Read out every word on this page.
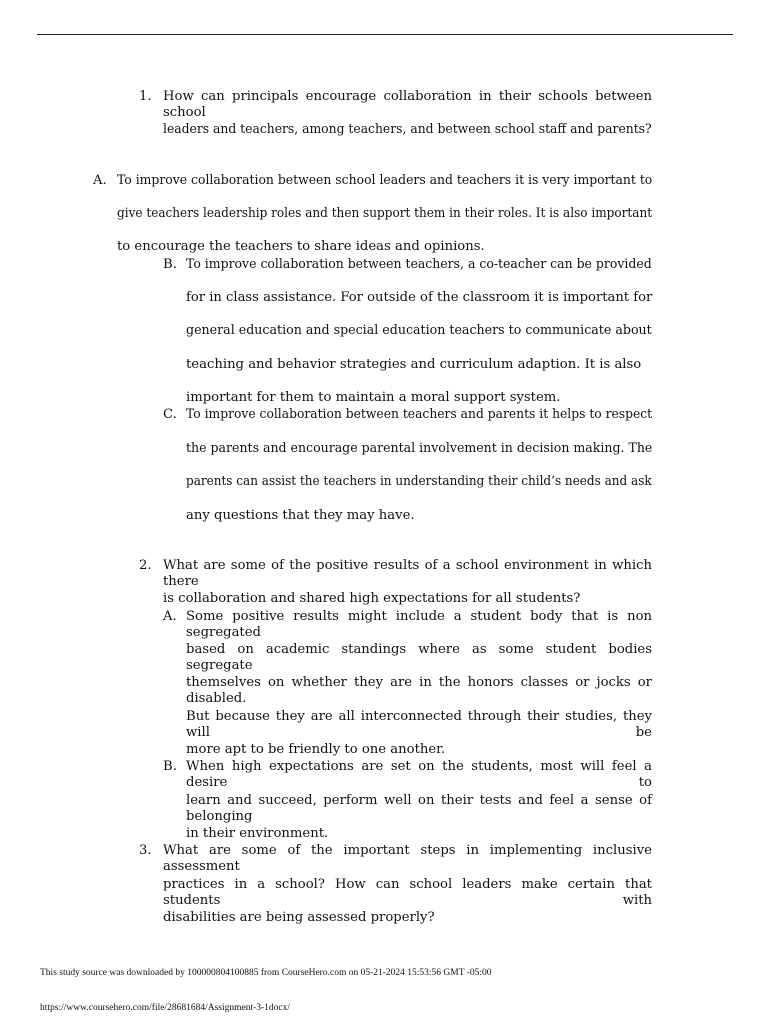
1. How can principals encourage collaboration in their schools between school
leaders and teachers, among teachers, and between school staff and parents?
A. To improve collaboration between school leaders and teachers it is very important to
give teachers leadership roles and then support them in their roles. It is also important
to encourage the teachers to share ideas and opinions.
B. To improve collaboration between teachers, a co-teacher can be provided
for in class assistance. For outside of the classroom it is important for
general education and special education teachers to communicate about
teaching and behavior strategies and curriculum adaption. It is also
important for them to maintain a moral support system.
C. To improve collaboration between teachers and parents it helps to respect
the parents and encourage parental involvement in decision making. The
parents can assist the teachers in understanding their child’s needs and ask
any questions that they may have.
2. What are some of the positive results of a school environment in which there
is collaboration and shared high expectations for all students?
A. Some positive results might include a student body that is non segregated
based on academic standings where as some student bodies segregate
themselves on whether they are in the honors classes or jocks or disabled.
But because they are all interconnected through their studies, they will be
more apt to be friendly to one another.
B. When high expectations are set on the students, most will feel a desire to
learn and succeed, perform well on their tests and feel a sense of belonging
in their environment.
3. What are some of the important steps in implementing inclusive assessment
practices in a school? How can school leaders make certain that students with
disabilities are being assessed properly?
This study source was downloaded by 100000804100885 from CourseHero.com on 05-21-2024 15:53:56 GMT -05:00
https://www.coursehero.com/file/28681684/Assignment-3-1docx/
